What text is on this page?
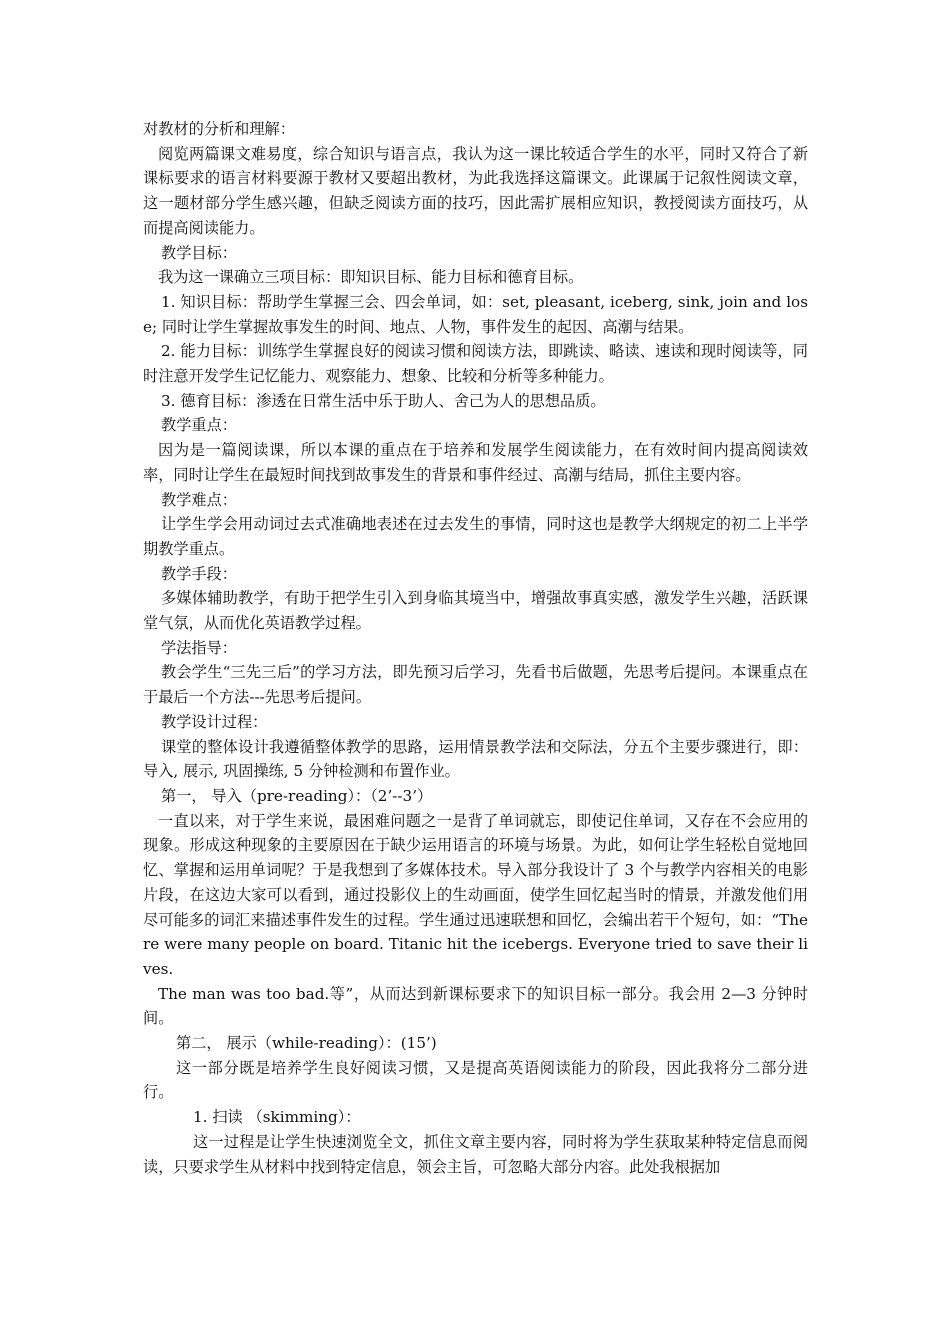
对教材的分析和理解：

阅览两篇课文难易度，综合知识与语言点，我认为这一课比较适合学生的水平，同时又符合了新课标要求的语言材料要源于教材又要超出教材，为此我选择这篇课文。此课属于记叙性阅读文章，这一题材部分学生感兴趣，但缺乏阅读方面的技巧，因此需扩展相应知识，教授阅读方面技巧，从而提高阅读能力。

教学目标：

我为这一课确立三项目标：即知识目标、能力目标和德育目标。

1. 知识目标：帮助学生掌握三会、四会单词，如：set, pleasant, iceberg, sink, join and lose; 同时让学生掌握故事发生的时间、地点、人物，事件发生的起因、高潮与结果。

2. 能力目标：训练学生掌握良好的阅读习惯和阅读方法，即跳读、略读、速读和现时阅读等，同时注意开发学生记忆能力、观察能力、想象、比较和分析等多种能力。

3. 德育目标：渗透在日常生活中乐于助人、舍己为人的思想品质。

教学重点：

因为是一篇阅读课，所以本课的重点在于培养和发展学生阅读能力，在有效时间内提高阅读效率，同时让学生在最短时间找到故事发生的背景和事件经过、高潮与结局，抓住主要内容。

教学难点：

让学生学会用动词过去式准确地表述在过去发生的事情，同时这也是教学大纲规定的初二上半学期教学重点。

教学手段：

多媒体辅助教学，有助于把学生引入到身临其境当中，增强故事真实感，激发学生兴趣，活跃课堂气氛，从而优化英语教学过程。

学法指导：

教会学生“三先三后”的学习方法，即先预习后学习，先看书后做题，先思考后提问。本课重点在于最后一个方法---先思考后提问。

教学设计过程：

课堂的整体设计我遵循整体教学的思路，运用情景教学法和交际法，分五个主要步骤进行，即：导入, 展示, 巩固操练, 5 分钟检测和布置作业。

第一， 导入（pre-reading）：（2’--3’）

一直以来，对于学生来说，最困难问题之一是背了单词就忘，即使记住单词，又存在不会应用的现象。形成这种现象的主要原因在于缺少运用语言的环境与场景。为此，如何让学生轻松自觉地回忆、掌握和运用单词呢？于是我想到了多媒体技术。导入部分我设计了 3 个与教学内容相关的电影片段，在这边大家可以看到，通过投影仪上的生动画面，使学生回忆起当时的情景，并激发他们用尽可能多的词汇来描述事件发生的过程。学生通过迅速联想和回忆，会编出若干个短句，如：“There were many people on board. Titanic hit the icebergs. Everyone tried to save their lives.

The man was too bad.等”，从而达到新课标要求下的知识目标一部分。我会用 2—3 分钟时间。

第二， 展示（while-reading）：(15’)

这一部分既是培养学生良好阅读习惯，又是提高英语阅读能力的阶段，因此我将分二部分进行。

1. 扫读 （skimming）：

这一过程是让学生快速浏览全文，抓住文章主要内容，同时将为学生获取某种特定信息而阅读，只要求学生从材料中找到特定信息，领会主旨，可忽略大部分内容。此处我根据加
